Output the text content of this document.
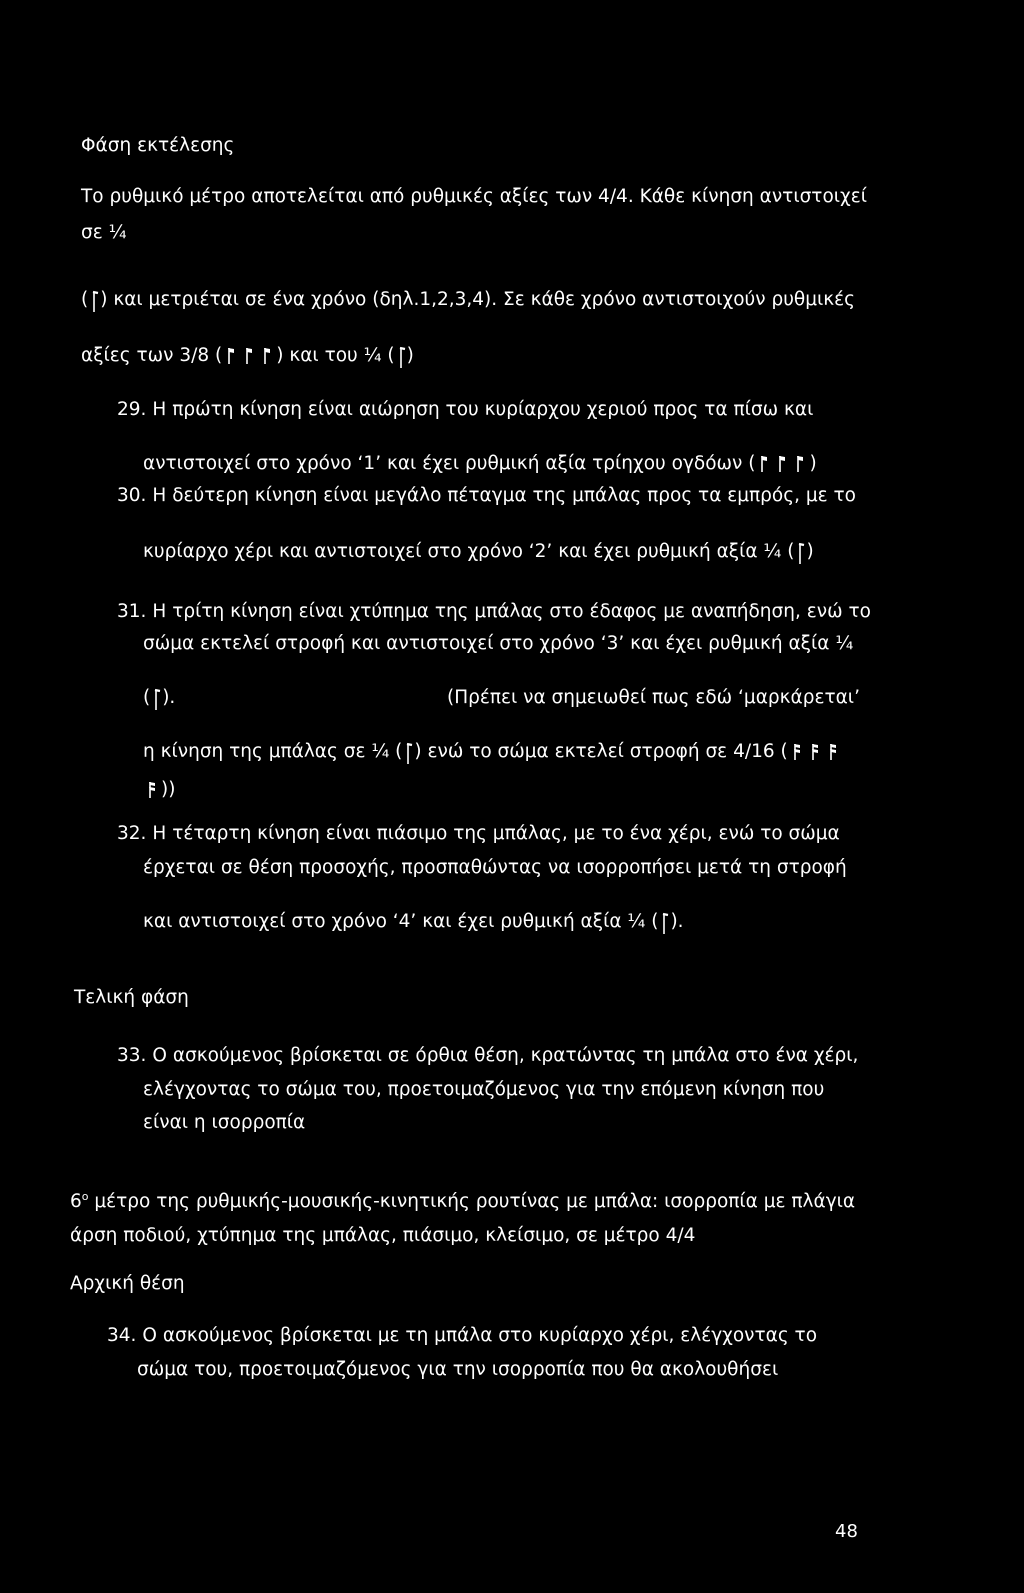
Φάση εκτέλεσης
Το ρυθμικό μέτρο αποτελείται από ρυθμικές αξίες των 4/4. Κάθε κίνηση αντιστοιχεί
σε ¼
( ) και μετριέται σε ένα χρόνο (δηλ.1,2,3,4). Σε κάθε χρόνο αντιστοιχούν ρυθμικές
αξίες των 3/8 (	) και του ¼ ( )
29. Η πρώτη κίνηση είναι αιώρηση του κυρίαρχου χεριού προς τα πίσω και
αντιστοιχεί στο χρόνο ‘1’ και έχει ρυθμική αξία τρίηχου ογδόων (	)
30. Η δεύτερη κίνηση είναι μεγάλο πέταγμα της μπάλας προς τα εμπρός, με το
κυρίαρχο χέρι και αντιστοιχεί στο χρόνο ‘2’ και έχει ρυθμική αξία ¼ ( )
31. Η τρίτη κίνηση είναι χτύπημα της μπάλας στο έδαφος με αναπήδηση, ενώ το
σώμα εκτελεί στροφή και αντιστοιχεί στο χρόνο ‘3’ και έχει ρυθμική αξία ¼
( ).	(Πρέπει να σημειωθεί πως εδώ ‘μαρκάρεται’
η κίνηση της μπάλας σε ¼ ( ) ενώ το σώμα εκτελεί στροφή σε 4/16 (
))
32. Η τέταρτη κίνηση είναι πιάσιμο της μπάλας, με το ένα χέρι, ενώ το σώμα
έρχεται σε θέση προσοχής, προσπαθώντας να ισορροπήσει μετά τη στροφή
και αντιστοιχεί στο χρόνο ‘4’ και έχει ρυθμική αξία ¼ ( ).
Τελική φάση
33. Ο ασκούμενος βρίσκεται σε όρθια θέση, κρατώντας τη μπάλα στο ένα χέρι,
ελέγχοντας το σώμα του, προετοιμαζόμενος για την επόμενη κίνηση που
είναι η ισορροπία
$6^o$ μέτρο της ρυθμικής-μουσικής-κινητικής ρουτίνας με μπάλα: ισορροπία με πλάγια
άρση ποδιού, χτύπημα της μπάλας, πιάσιμο, κλείσιμο, σε μέτρο 4/4
Αρχική θέση
34. Ο ασκούμενος βρίσκεται με τη μπάλα στο κυρίαρχο χέρι, ελέγχοντας το
σώμα του, προετοιμαζόμενος για την ισορροπία που θα ακολουθήσει
48
